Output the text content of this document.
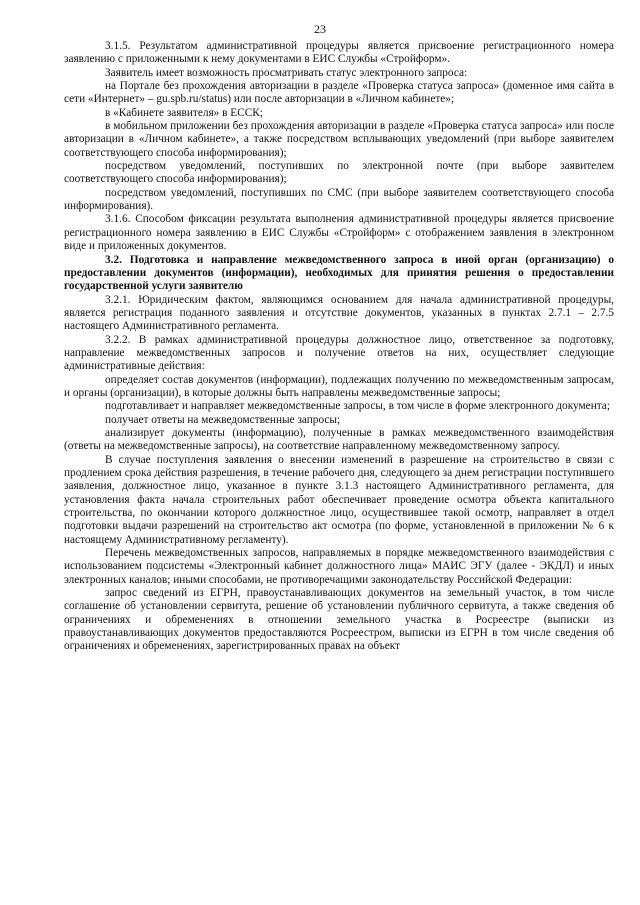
23

3.1.5. Результатом административной процедуры является присвоение регистрационного номера заявлению с приложенными к нему документами в ЕИС Службы «Стройформ».

Заявитель имеет возможность просматривать статус электронного запроса:

на Портале без прохождения авторизации в разделе «Проверка статуса запроса» (доменное имя сайта в сети «Интернет» – gu.spb.ru/status) или после авторизации в «Личном кабинете»;

в «Кабинете заявителя» в ЕССК;

в мобильном приложении без прохождения авторизации в разделе «Проверка статуса запроса» или после авторизации в «Личном кабинете», а также посредством всплывающих уведомлений (при выборе заявителем соответствующего способа информирования);

посредством уведомлений, поступивших по электронной почте (при выборе заявителем соответствующего способа информирования);

посредством уведомлений, поступивших по СМС (при выборе заявителем соответствующего способа информирования).

3.1.6. Способом фиксации результата выполнения административной процедуры является присвоение регистрационного номера заявлению в ЕИС Службы «Стройформ» с отображением заявления в электронном виде и приложенных документов.

3.2. Подготовка и направление межведомственного запроса в иной орган (организацию) о предоставлении документов (информации), необходимых для принятия решения о предоставлении государственной услуги заявителю

3.2.1. Юридическим фактом, являющимся основанием для начала административной процедуры, является регистрация поданного заявления и отсутствие документов, указанных в пунктах 2.7.1 – 2.7.5 настоящего Административного регламента.

3.2.2. В рамках административной процедуры должностное лицо, ответственное за подготовку, направление межведомственных запросов и получение ответов на них, осуществляет следующие административные действия:

определяет состав документов (информации), подлежащих получению по межведомственным запросам, и органы (организации), в которые должны быть направлены межведомственные запросы;

подготавливает и направляет межведомственные запросы, в том числе в форме электронного документа;

получает ответы на межведомственные запросы;

анализирует документы (информацию), полученные в рамках межведомственного взаимодействия (ответы на межведомственные запросы), на соответствие направленному межведомственному запросу.

В случае поступления заявления о внесении изменений в разрешение на строительство в связи с продлением срока действия разрешения, в течение рабочего дня, следующего за днем регистрации поступившего заявления, должностное лицо, указанное в пункте 3.1.3 настоящего Административного регламента, для установления факта начала строительных работ обеспечивает проведение осмотра объекта капитального строительства, по окончании которого должностное лицо, осуществившее такой осмотр, направляет в отдел подготовки выдачи разрешений на строительство акт осмотра (по форме, установленной в приложении № 6 к настоящему Административному регламенту).

Перечень межведомственных запросов, направляемых в порядке межведомственного взаимодействия с использованием подсистемы «Электронный кабинет должностного лица» МАИС ЭГУ (далее - ЭКДЛ) и иных электронных каналов; иными способами, не противоречащими законодательству Российской Федерации:

запрос сведений из ЕГРН, правоустанавливающих документов на земельный участок, в том числе соглашение об установлении сервитута, решение об установлении публичного сервитута, а также сведения об ограничениях и обременениях в отношении земельного участка в Росреестре (выписки из правоустанавливающих документов предоставляются Росреестром, выписки из ЕГРН в том числе сведения об ограничениях и обременениях, зарегистрированных правах на объект
